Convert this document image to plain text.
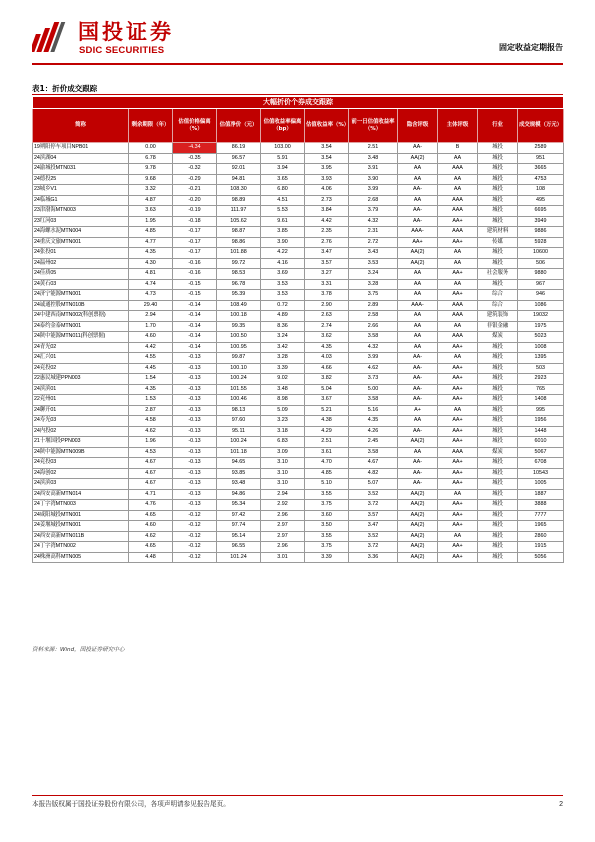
国投证券
SDIC SECURITIES	固定收益定期报告
表1：折价成交跟踪
大幅折价个券成交跟踪										
简称	剩余期限（年）	估值价格偏离（%）	估值净价（元）	估值收益率偏离（bp）	估值收益率（%）	前一日估值收益率（%）	隐含评级	主体评级	行业	成交规模（万元）
19朔阳停车项目NPB01	0.00	-4.34	86.19	103.00	3.54	2.51	AA-	B	城投	2589
24滨湖04	6.78	-0.35	96.57	5.91	3.54	3.48	AA(2)	AA	城投	951
24渝城投MTN031	9.78	-0.32	92.01	3.94	3.95	3.91	AA	AAA	城投	3665
24德投25	9.68	-0.29	94.81	3.65	3.93	3.90	AA	AA	城投	4753
23城乡V1	3.32	-0.21	108.30	6.80	4.06	3.99	AA-	AA	城投	108
24临城G1	4.87	-0.20	98.89	4.51	2.73	2.68	AA	AAA	城投	495
23津渤海MTN003	3.63	-0.19	111.97	5.53	3.84	3.79	AA-	AAA	城投	6695
23红河03	1.95	-0.18	105.62	9.61	4.42	4.32	AA-	AA+	城投	3949
24海螺水泥MTN004	4.85	-0.17	98.87	3.85	2.35	2.31	AAA-	AAA	建筑材料	9886
24重庆文旅MTN001	4.77	-0.17	98.86	3.90	2.76	2.72	AA+	AA+	传媒	5928
24张投01	4.35	-0.17	101.88	4.22	3.47	3.43	AA(2)	AA	城投	10600
24温州02	4.30	-0.16	99.72	4.16	3.57	3.53	AA(2)	AA	城投	506
24佳质05	4.81	-0.16	98.53	3.69	3.27	3.24	AA	AA+	社会服务	9880
24黄石03	4.74	-0.15	96.78	3.53	3.31	3.28	AA	AA	城投	967
24济宁能源MTN001	4.73	-0.15	95.39	3.53	3.78	3.75	AA	AA+	综合	946
24诚通控股MTN010B	29.40	-0.14	108.49	0.72	2.90	2.89	AAA-	AAA	综合	1086
24中建西南MTN002(科创票据)	2.94	-0.14	100.18	4.89	2.63	2.58	AA	AAA	建筑装饰	19032
24泰约金泰MTN001	1.70	-0.14	99.35	8.36	2.74	2.66	AA	AA	非银金融	1975
24陕中能源MTN011(科创票据)	4.60	-0.14	100.50	3.24	3.62	3.58	AA	AAA	煤炭	5023
24青光02	4.42	-0.14	100.95	3.42	4.35	4.32	AA	AA+	城投	1008
24汇兴01	4.55	-0.13	99.87	3.28	4.03	3.99	AA-	AA	城投	1395
24兖投02	4.45	-0.13	100.10	3.39	4.66	4.62	AA-	AA+	城投	503
22惠民城建PPN003	1.54	-0.13	100.24	9.02	3.82	3.73	AA-	AA+	城投	2923
24滨滨01	4.35	-0.13	101.55	3.48	5.04	5.00	AA-	AA+	城投	765
22兖州01	1.53	-0.13	100.46	8.98	3.67	3.58	AA-	AA+	城投	1408
24聊开01	2.87	-0.13	98.13	5.09	5.21	5.16	A+	AA	城投	995
24寿光03	4.58	-0.13	97.60	3.23	4.38	4.35	AA	AA+	城投	1956
24内投02	4.62	-0.13	95.11	3.18	4.29	4.26	AA-	AA+	城投	1448
21十堰国投PPN003	1.96	-0.13	100.24	6.83	2.51	2.45	AA(2)	AA+	城投	6010
24陕中能源MTN009B	4.53	-0.13	101.18	3.09	3.61	3.58	AA	AAA	煤炭	5067
24兖投03	4.67	-0.13	94.65	3.10	4.70	4.67	AA-	AA+	城投	6708
24海创02	4.67	-0.13	93.85	3.10	4.85	4.82	AA-	AA+	城投	10543
24滨滨03	4.67	-0.13	93.48	3.10	5.10	5.07	AA-	AA+	城投	1005
24西安高新MTN014	4.71	-0.13	94.86	2.94	3.55	3.52	AA(2)	AA	城投	1887
24丁字湾MTN003	4.76	-0.13	95.34	2.92	3.75	3.72	AA(2)	AA+	城投	3888
24咸阳城投MTN001	4.65	-0.12	97.42	2.96	3.60	3.57	AA(2)	AA+	城投	7777
24姜堰城投MTN001	4.60	-0.12	97.74	2.97	3.50	3.47	AA(2)	AA+	城投	1965
24西安高新MTN011B	4.62	-0.12	95.14	2.97	3.55	3.52	AA(2)	AA	城投	2860
24丁字湾MTN002	4.65	-0.12	96.55	2.96	3.75	3.72	AA(2)	AA+	城投	1915
24株洲高科MTN005	4.48	-0.12	101.24	3.01	3.39	3.36	AA(2)	AA+	城投	5056
资料来源：Wind，国投证券研究中心
本报告版权属于国投证券股份有限公司，各项声明请参见报告尾页。	2
